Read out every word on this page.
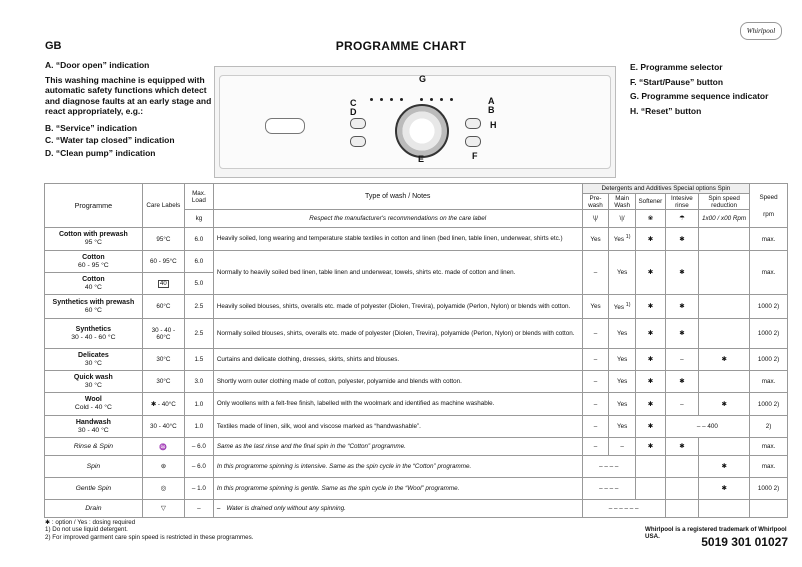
GB	PROGRAMME CHART
Whirlpool
A. “Door open” indication
This washing machine is equipped with automatic safety functions which detect and diagnose faults at an early stage and react appropriately, e.g.:
B. “Service” indication
C. “Water tap closed” indication
D. “Clean pump” indication
E. Programme selector
F. “Start/Pause” button
G. Programme sequence indicator
H. “Reset” button
G
A
B
C
D
H
E	F
Programme	Care Labels	Max. Load	Type of wash / Notes	Detergents and Additives Special options Spin					Speed
rpm

				Pre-wash	Main Wash	Softener	Intesive rinse	Spin speed reduction	
		kg	Respect the manufacturer's recommendations on the care label	\|/	\|/	❀	☂	1x00 / x00 Rpm	
Cotton with prewash
95 °C	95°C	6.0	Heavily soiled, long wearing and temperature stable textiles in cotton and linen (bed linen, table linen, underwear, shirts etc.)	Yes	Yes $^{1)}$	✱	✱		max.
Cotton
60 - 95 °C	60 - 95°C	6.0	Normally to heavily soiled bed linen, table linen and underwear, towels, shirts etc. made of cotton and linen.	–	Yes	✱	✱		max.
Cotton
40 °C	40	5.0							
Synthetics with prewash
60 °C	60°C	2.5	Heavily soiled blouses, shirts, overalls etc. made of polyester (Diolen, Trevira), polyamide (Perlon, Nylon) or blends with cotton.	Yes	Yes $^{1)}$	✱	✱		1000 2)
Synthetics
30 - 40 - 60 °C	30 - 40 - 60°C	2.5	Normally soiled blouses, shirts, overalls etc. made of polyester (Diolen, Trevira), polyamide (Perlon, Nylon) or blends with cotton.	–	Yes	✱	✱		1000 2)
Delicates
30 °C	30°C	1.5	Curtains and delicate clothing, dresses, skirts, shirts and blouses.	–	Yes	✱	–	✱	1000 2)
Quick wash
30 °C	30°C	3.0	Shortly worn outer clothing made of cotton, polyester, polyamide and blends with cotton.	–	Yes	✱	✱		max.
Wool
Cold - 40 °C	✱ - 40°C	1.0	Only woollens with a felt-free finish, labelled with the woolmark and identified as machine washable.	–	Yes	✱	–	✱	1000 2)
Handwash
30 - 40 °C	30 - 40°C	1.0	Textiles made of linen, silk, wool and viscose marked as “handwashable”.	–	Yes	✱	– – 400		2)
Rinse & Spin	♒	– 6.0	Same as the last rinse and the final spin in the “Cotton” programme.	–	–	✱	✱		max.
Spin	⊛	– 6.0	In this programme spinning is intensive. Same as the spin cycle in the “Cotton” programme.	– – – –				✱	max.
Gentle Spin	◎	– 1.0	In this programme spinning is gentle. Same as the spin cycle in the “Wool” programme.	– – – –				✱	1000 2)
Drain	▽	–	– Water is drained only without any spinning.	– – – – – –					
✱ : option / Yes : dosing required
1) Do not use liquid detergent.
2) For improved garment care spin speed is restricted in these programmes.
Whirlpool is a registered trademark of Whirlpool USA.	5019 301 01027
